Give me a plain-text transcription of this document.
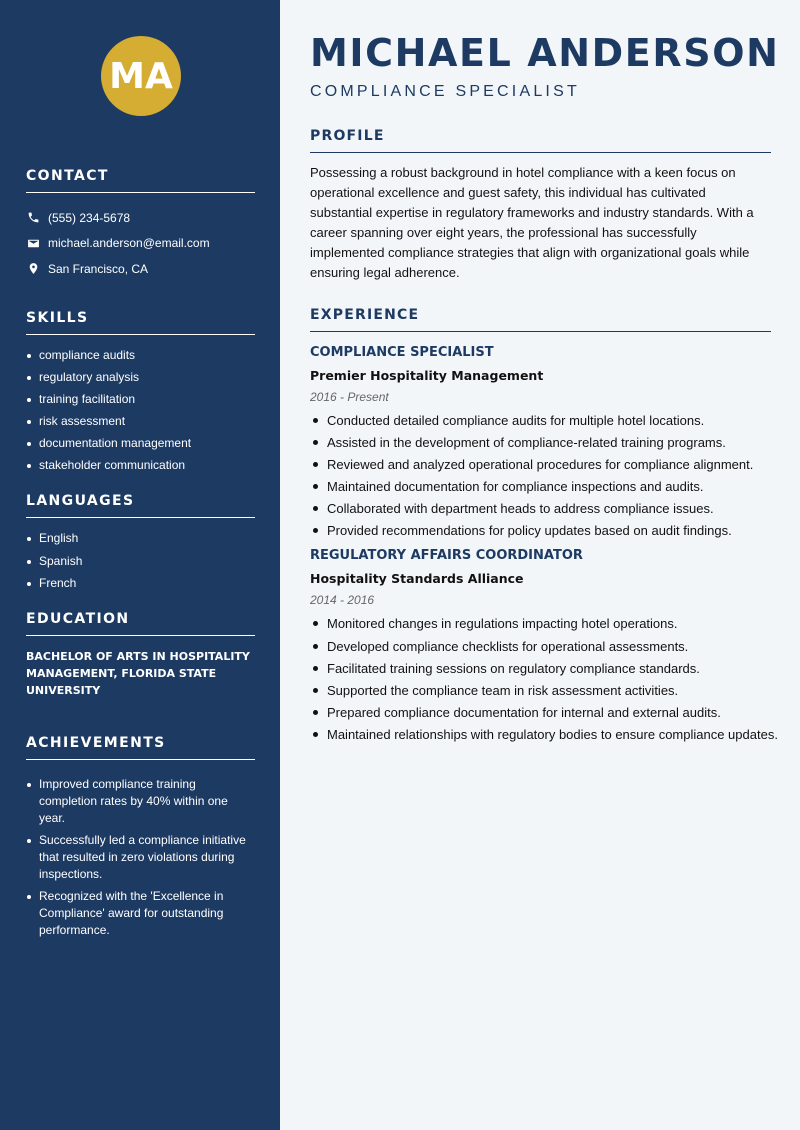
MA
CONTACT
(555) 234-5678
michael.anderson@email.com
San Francisco, CA
SKILLS
compliance audits
regulatory analysis
training facilitation
risk assessment
documentation management
stakeholder communication
LANGUAGES
English
Spanish
French
EDUCATION

BACHELOR OF ARTS IN HOSPITALITY MANAGEMENT, FLORIDA STATE UNIVERSITY

ACHIEVEMENTS
Improved compliance training completion rates by 40% within one year.
Successfully led a compliance initiative that resulted in zero violations during inspections.
Recognized with the 'Excellence in Compliance' award for outstanding performance.
MICHAEL ANDERSON

COMPLIANCE SPECIALIST

PROFILE

Possessing a robust background in hotel compliance with a keen focus on operational excellence and guest safety, this individual has cultivated substantial expertise in regulatory frameworks and industry standards. With a career spanning over eight years, the professional has successfully implemented compliance strategies that align with organizational goals while ensuring legal adherence.

EXPERIENCE

COMPLIANCE SPECIALIST

Premier Hospitality Management

2016 - Present

Conducted detailed compliance audits for multiple hotel locations.
Assisted in the development of compliance-related training programs.
Reviewed and analyzed operational procedures for compliance alignment.
Maintained documentation for compliance inspections and audits.
Collaborated with department heads to address compliance issues.
Provided recommendations for policy updates based on audit findings.

REGULATORY AFFAIRS COORDINATOR

Hospitality Standards Alliance

2014 - 2016

Monitored changes in regulations impacting hotel operations.
Developed compliance checklists for operational assessments.
Facilitated training sessions on regulatory compliance standards.
Supported the compliance team in risk assessment activities.
Prepared compliance documentation for internal and external audits.
Maintained relationships with regulatory bodies to ensure compliance updates.
